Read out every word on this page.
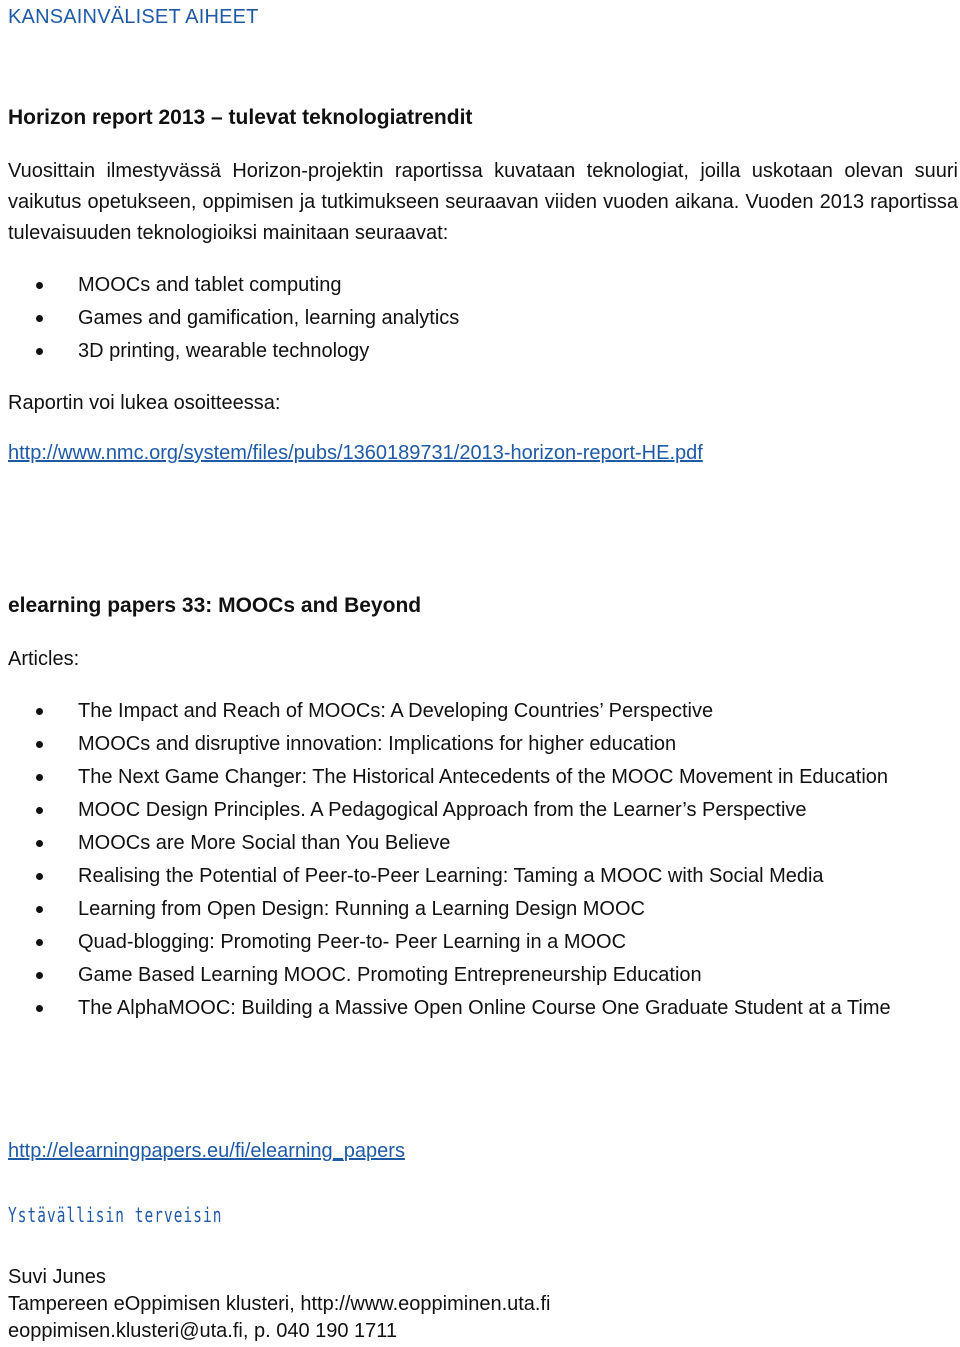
KANSAINVÄLISET AIHEET
Horizon report 2013 – tulevat teknologiatrendit

Vuosittain ilmestyvässä Horizon-projektin raportissa kuvataan teknologiat, joilla uskotaan olevan suuri vaikutus opetukseen, oppimisen ja tutkimukseen seuraavan viiden vuoden aikana. Vuoden 2013 raportissa tulevaisuuden teknologioiksi mainitaan seuraavat:

MOOCs and tablet computing
Games and gamification, learning analytics
3D printing, wearable technology

Raportin voi lukea osoitteessa:

http://www.nmc.org/system/files/pubs/1360189731/2013-horizon-report-HE.pdf
elearning papers 33: MOOCs and Beyond

Articles:

The Impact and Reach of MOOCs: A Developing Countries’ Perspective
MOOCs and disruptive innovation: Implications for higher education
The Next Game Changer: The Historical Antecedents of the MOOC Movement in Education
MOOC Design Principles. A Pedagogical Approach from the Learner’s Perspective
MOOCs are More Social than You Believe
Realising the Potential of Peer-to-Peer Learning: Taming a MOOC with Social Media
Learning from Open Design: Running a Learning Design MOOC
Quad-blogging: Promoting Peer-to- Peer Learning in a MOOC
Game Based Learning MOOC. Promoting Entrepreneurship Education
The AlphaMOOC: Building a Massive Open Online Course One Graduate Student at a Time
http://elearningpapers.eu/fi/elearning_papers
Ystävällisin terveisin

Suvi Junes

Tampereen eOppimisen klusteri, http://www.eoppiminen.uta.fi

eoppimisen.klusteri@uta.fi, p. 040 190 1711
